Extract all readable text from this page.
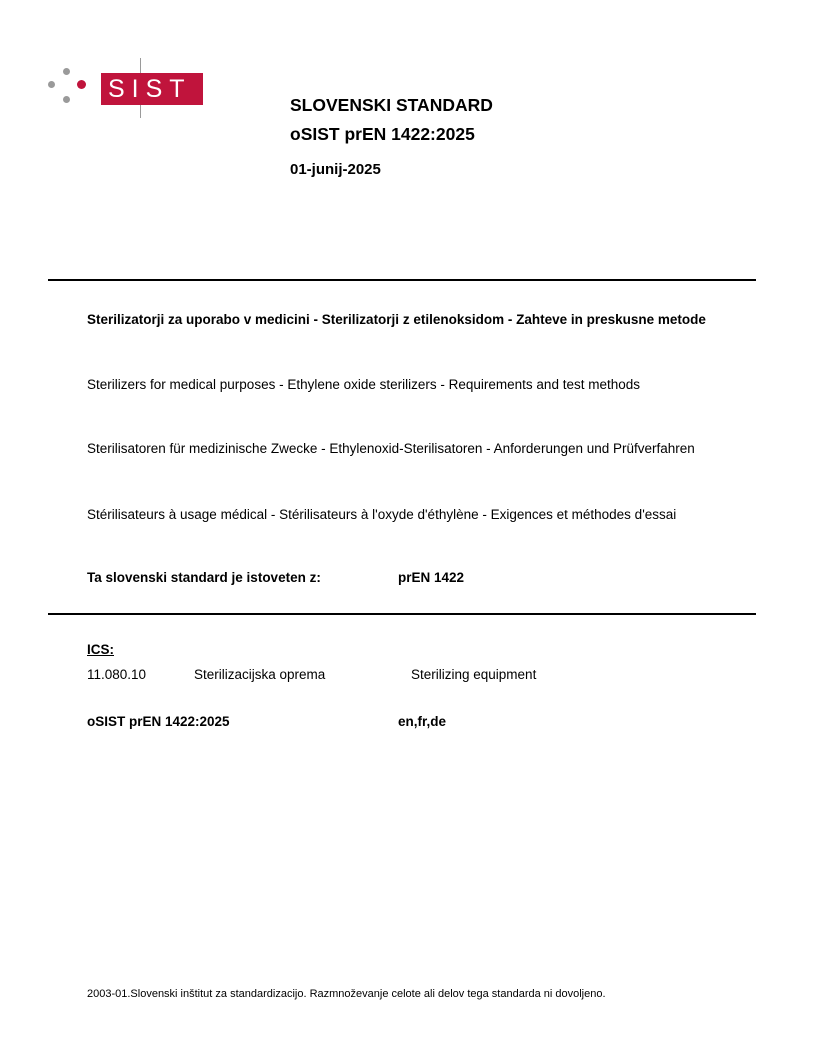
SIST
SLOVENSKI STANDARD
oSIST prEN 1422:2025
01-junij-2025
Sterilizatorji za uporabo v medicini - Sterilizatorji z etilenoksidom - Zahteve in preskusne metode
Sterilizers for medical purposes - Ethylene oxide sterilizers - Requirements and test methods
Sterilisatoren für medizinische Zwecke - Ethylenoxid-Sterilisatoren - Anforderungen und Prüfverfahren
Stérilisateurs à usage médical - Stérilisateurs à l'oxyde d'éthylène - Exigences et méthodes d'essai
Ta slovenski standard je istoveten z:	prEN 1422
ICS:
11.080.10	Sterilizacijska oprema	Sterilizing equipment
oSIST prEN 1422:2025	en,fr,de
2003-01.Slovenski inštitut za standardizacijo. Razmnoževanje celote ali delov tega standarda ni dovoljeno.
